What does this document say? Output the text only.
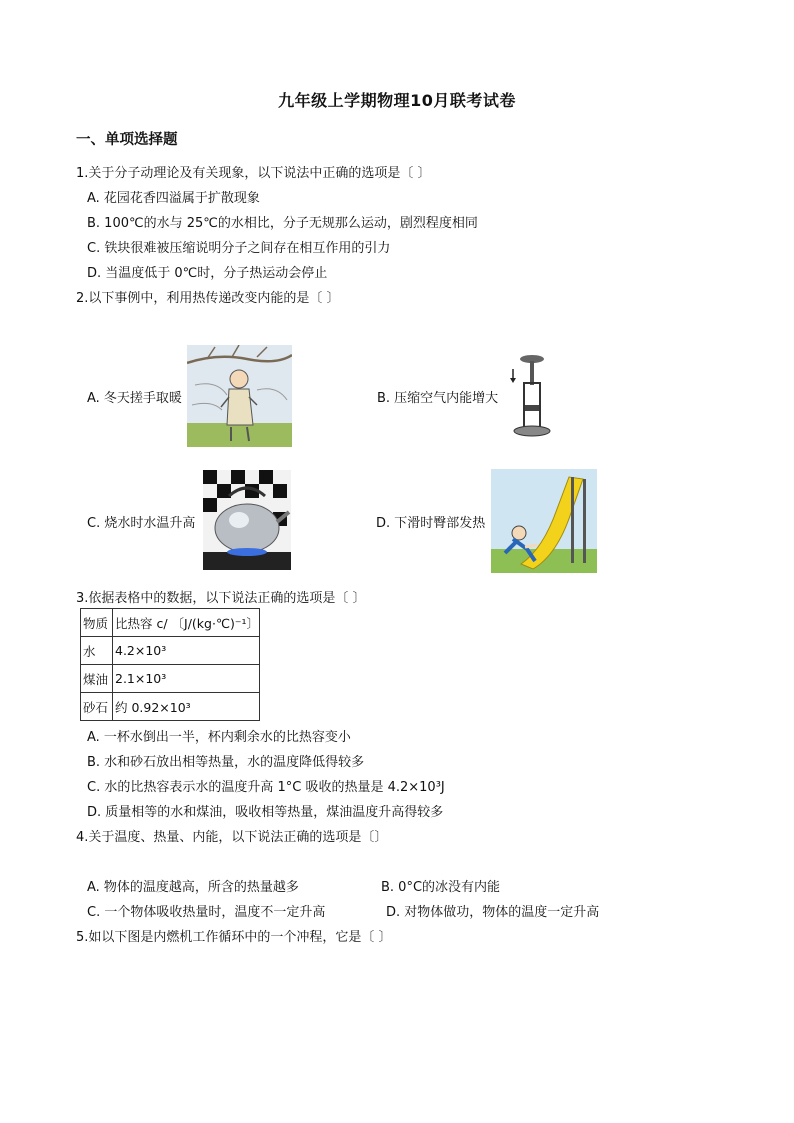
九年级上学期物理10月联考试卷
一、单项选择题
1.关于分子动理论及有关现象，以下说法中正确的选项是〔 〕
A. 花园花香四溢属于扩散现象
B. 100℃的水与 25℃的水相比，分子无规那么运动，剧烈程度相同
C. 铁块很难被压缩说明分子之间存在相互作用的引力
D. 当温度低于 0℃时，分子热运动会停止
2.以下事例中，利用热传递改变内能的是〔 〕
A. 冬天搓手取暖	B. 压缩空气内能增大
C. 烧水时水温升高	D. 下滑时臀部发热
3.依据表格中的数据，以下说法正确的选项是〔 〕
物质	比热容 c/ 〔J/(kg·℃)⁻¹〕
水	4.2×10³
煤油	2.1×10³
砂石	约 0.92×10³
A. 一杯水倒出一半，杯内剩余水的比热容变小
B. 水和砂石放出相等热量，水的温度降低得较多
C. 水的比热容表示水的温度升高 1°C 吸收的热量是 4.2×10³J
D. 质量相等的水和煤油，吸收相等热量，煤油温度升高得较多
4.关于温度、热量、内能，以下说法正确的选项是〔〕
A. 物体的温度越高，所含的热量越多	B. 0°C的冰没有内能
C. 一个物体吸收热量时，温度不一定升高	D. 对物体做功，物体的温度一定升高
5.如以下图是内燃机工作循环中的一个冲程，它是〔 〕
